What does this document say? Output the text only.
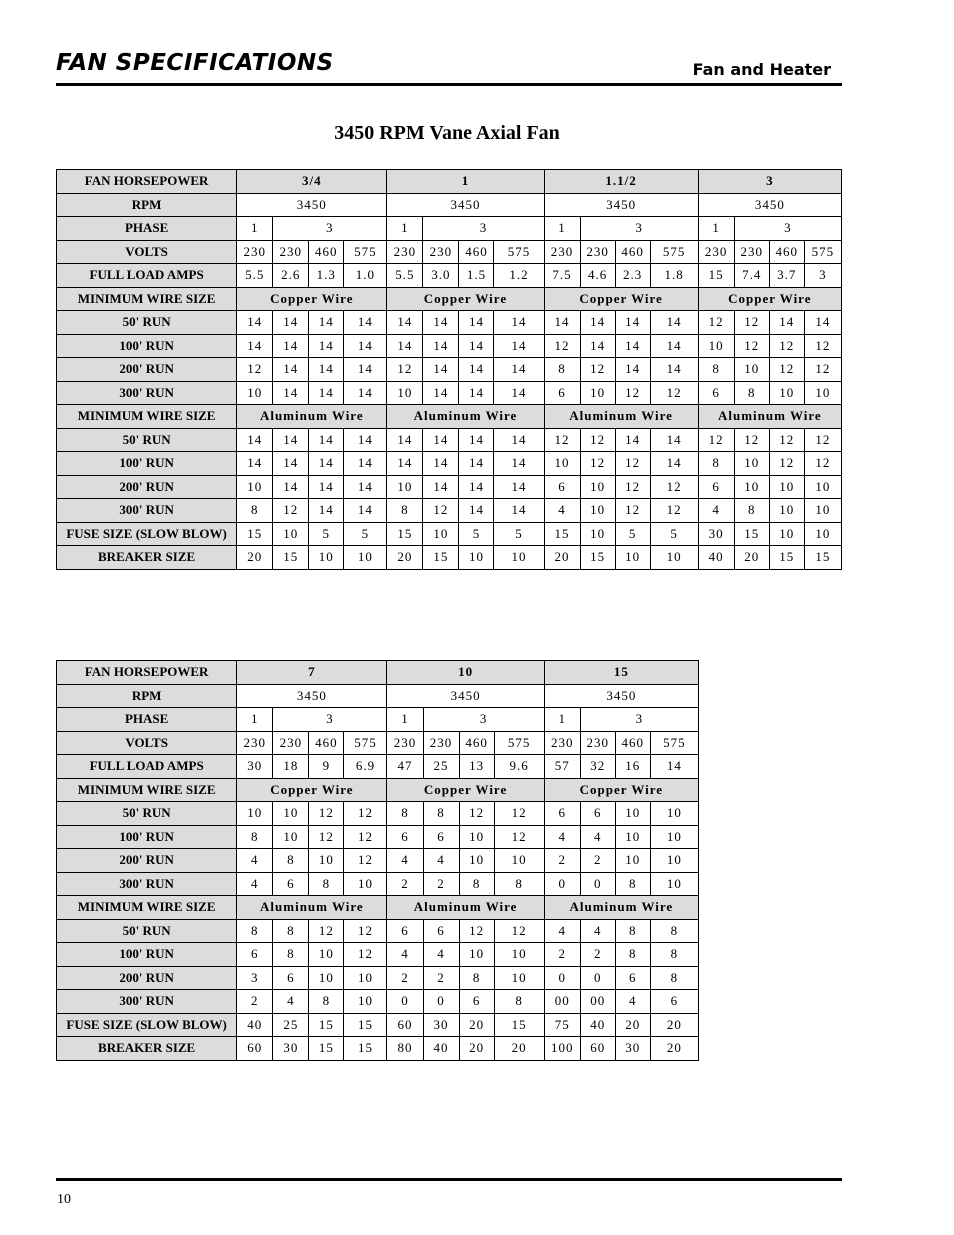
FAN SPECIFICATIONS	Fan and Heater
3450 RPM Vane Axial Fan
FAN HORSEPOWER	3/4				1				1.1/2				3			
RPM	3450				3450				3450				3450			
PHASE	1	3			1	3			1	3			1	3		
VOLTS	230	230	460	575	230	230	460	575	230	230	460	575	230	230	460	575
FULL LOAD AMPS	5.5	2.6	1.3	1.0	5.5	3.0	1.5	1.2	7.5	4.6	2.3	1.8	15	7.4	3.7	3
MINIMUM WIRE SIZE	Copper Wire				Copper Wire				Copper Wire				Copper Wire			
50' RUN	14	14	14	14	14	14	14	14	14	14	14	14	12	12	14	14
100' RUN	14	14	14	14	14	14	14	14	12	14	14	14	10	12	12	12
200' RUN	12	14	14	14	12	14	14	14	8	12	14	14	8	10	12	12
300' RUN	10	14	14	14	10	14	14	14	6	10	12	12	6	8	10	10
MINIMUM WIRE SIZE	Aluminum Wire				Aluminum Wire				Aluminum Wire				Aluminum Wire			
50' RUN	14	14	14	14	14	14	14	14	12	12	14	14	12	12	12	12
100' RUN	14	14	14	14	14	14	14	14	10	12	12	14	8	10	12	12
200' RUN	10	14	14	14	10	14	14	14	6	10	12	12	6	10	10	10
300' RUN	8	12	14	14	8	12	14	14	4	10	12	12	4	8	10	10
FUSE SIZE (SLOW BLOW)	15	10	5	5	15	10	5	5	15	10	5	5	30	15	10	10
BREAKER SIZE	20	15	10	10	20	15	10	10	20	15	10	10	40	20	15	15
FAN HORSEPOWER	7				10				15			
RPM	3450				3450				3450			
PHASE	1	3			1	3			1	3		
VOLTS	230	230	460	575	230	230	460	575	230	230	460	575
FULL LOAD AMPS	30	18	9	6.9	47	25	13	9.6	57	32	16	14
MINIMUM WIRE SIZE	Copper Wire				Copper Wire				Copper Wire			
50' RUN	10	10	12	12	8	8	12	12	6	6	10	10
100' RUN	8	10	12	12	6	6	10	12	4	4	10	10
200' RUN	4	8	10	12	4	4	10	10	2	2	10	10
300' RUN	4	6	8	10	2	2	8	8	0	0	8	10
MINIMUM WIRE SIZE	Aluminum Wire				Aluminum Wire				Aluminum Wire			
50' RUN	8	8	12	12	6	6	12	12	4	4	8	8
100' RUN	6	8	10	12	4	4	10	10	2	2	8	8
200' RUN	3	6	10	10	2	2	8	10	0	0	6	8
300' RUN	2	4	8	10	0	0	6	8	00	00	4	6
FUSE SIZE (SLOW BLOW)	40	25	15	15	60	30	20	15	75	40	20	20
BREAKER SIZE	60	30	15	15	80	40	20	20	100	60	30	20
10
